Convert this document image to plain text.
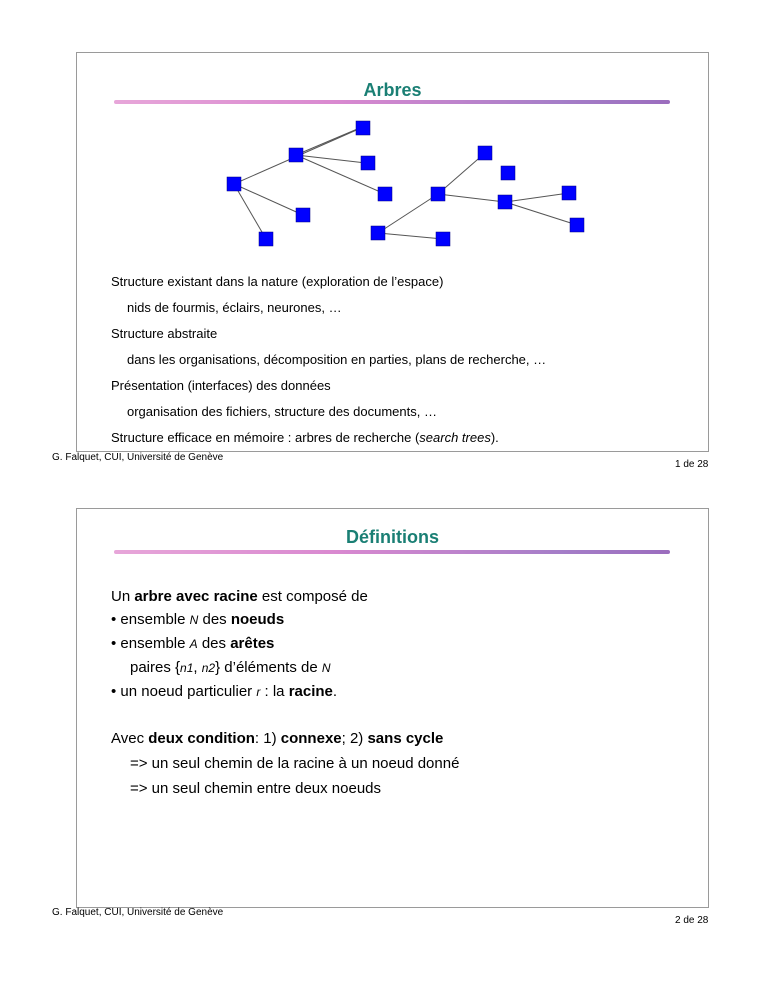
Arbres
Structure existant dans la nature (exploration de l’espace)
nids de fourmis, éclairs, neurones, …
Structure abstraite
dans les organisations, décomposition en parties, plans de recherche, …
Présentation (interfaces) des données
organisation des fichiers, structure des documents, …
Structure efficace en mémoire : arbres de recherche (search trees).
G. Falquet, CUI, Université de Genève
1 de 28
Définitions
Un arbre avec racine est composé de
• ensemble N des noeuds
• ensemble A des arêtes
paires {n1, n2} d’éléments de N
• un noeud particulier r : la racine.
Avec deux condition: 1) connexe; 2) sans cycle
=> un seul chemin de la racine à un noeud donné
=> un seul chemin entre deux noeuds
G. Falquet, CUI, Université de Genève
2 de 28
